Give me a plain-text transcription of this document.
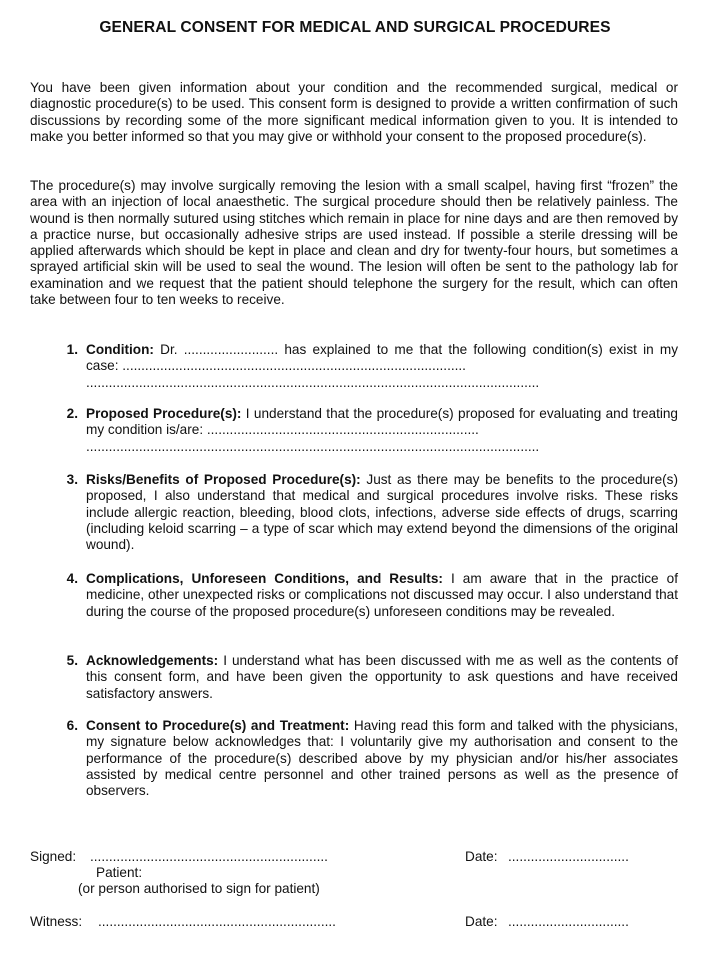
GENERAL CONSENT FOR MEDICAL AND SURGICAL PROCEDURES

You have been given information about your condition and the recommended surgical, medical or diagnostic procedure(s) to be used. This consent form is designed to provide a written confirmation of such discussions by recording some of the more significant medical information given to you. It is intended to make you better informed so that you may give or withhold your consent to the proposed procedure(s).

The procedure(s) may involve surgically removing the lesion with a small scalpel, having first “frozen” the area with an injection of local anaesthetic. The surgical procedure should then be relatively painless. The wound is then normally sutured using stitches which remain in place for nine days and are then removed by a practice nurse, but occasionally adhesive strips are used instead. If possible a sterile dressing will be applied afterwards which should be kept in place and clean and dry for twenty-four hours, but sometimes a sprayed artificial skin will be used to seal the wound. The lesion will often be sent to the pathology lab for examination and we request that the patient should telephone the surgery for the result, which can often take between four to ten weeks to receive.

1. Condition: Dr. ......................... has explained to me that the following condition(s) exist in my case: ...........................................................................................

........................................................................................................................

2. Proposed Procedure(s): I understand that the procedure(s) proposed for evaluating and treating my condition is/are: ........................................................................

........................................................................................................................

3. Risks/Benefits of Proposed Procedure(s): Just as there may be benefits to the procedure(s) proposed, I also understand that medical and surgical procedures involve risks. These risks include allergic reaction, bleeding, blood clots, infections, adverse side effects of drugs, scarring (including keloid scarring – a type of scar which may extend beyond the dimensions of the original wound).

4. Complications, Unforeseen Conditions, and Results: I am aware that in the practice of medicine, other unexpected risks or complications not discussed may occur. I also understand that during the course of the proposed procedure(s) unforeseen conditions may be revealed.

5. Acknowledgements: I understand what has been discussed with me as well as the contents of this consent form, and have been given the opportunity to ask questions and have received satisfactory answers.

6. Consent to Procedure(s) and Treatment: Having read this form and talked with the physicians, my signature below acknowledges that: I voluntarily give my authorisation and consent to the performance of the procedure(s) described above by my physician and/or his/her associates assisted by medical centre personnel and other trained persons as well as the presence of observers.

Signed: ...............................................................	Date: ................................
Patient:
(or person authorised to sign for patient)
Witness: ...............................................................	Date: ................................
